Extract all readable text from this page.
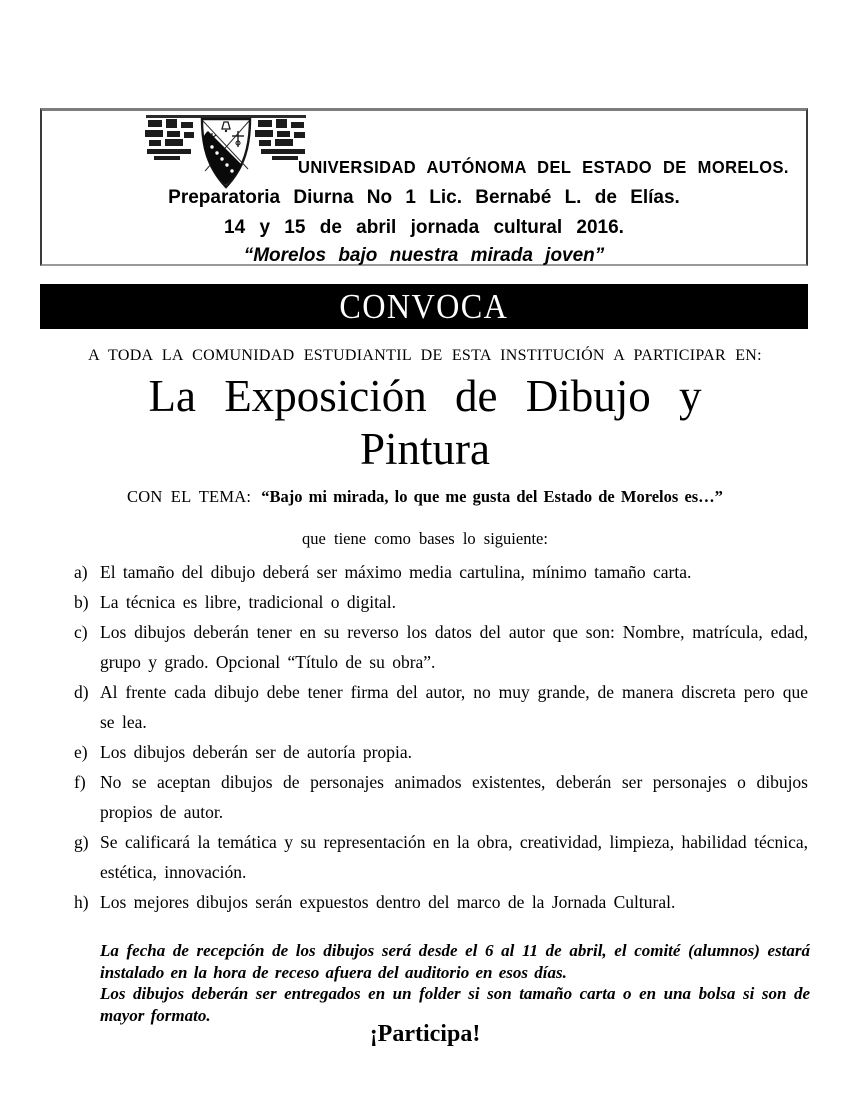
UNIVERSIDAD AUTÓNOMA DEL ESTADO DE MORELOS.
Preparatoria Diurna No 1 Lic. Bernabé L. de Elías.
14 y 15 de abril jornada cultural 2016.
“Morelos bajo nuestra mirada joven”
CONVOCA
A TODA LA COMUNIDAD ESTUDIANTIL DE ESTA INSTITUCIÓN A PARTICIPAR EN:
La Exposición de Dibujo y
Pintura
CON EL TEMA: “Bajo mi mirada, lo que me gusta del Estado de Morelos es…”
que tiene como bases lo siguiente:
a) El tamaño del dibujo deberá ser máximo media cartulina, mínimo tamaño carta.
b) La técnica es libre, tradicional o digital.
c) Los dibujos deberán tener en su reverso los datos del autor que son: Nombre, matrícula, edad, grupo y grado. Opcional “Título de su obra”.
d) Al frente cada dibujo debe tener firma del autor, no muy grande, de manera discreta pero que se lea.
e) Los dibujos deberán ser de autoría propia.
f) No se aceptan dibujos de personajes animados existentes, deberán ser personajes o dibujos propios de autor.
g) Se calificará la temática y su representación en la obra, creatividad, limpieza, habilidad técnica, estética, innovación.
h) Los mejores dibujos serán expuestos dentro del marco de la Jornada Cultural.

La fecha de recepción de los dibujos será desde el 6 al 11 de abril, el comité (alumnos) estará instalado en la hora de receso afuera del auditorio en esos días.

Los dibujos deberán ser entregados en un folder si son tamaño carta o en una bolsa si son de mayor formato.

¡Participa!
